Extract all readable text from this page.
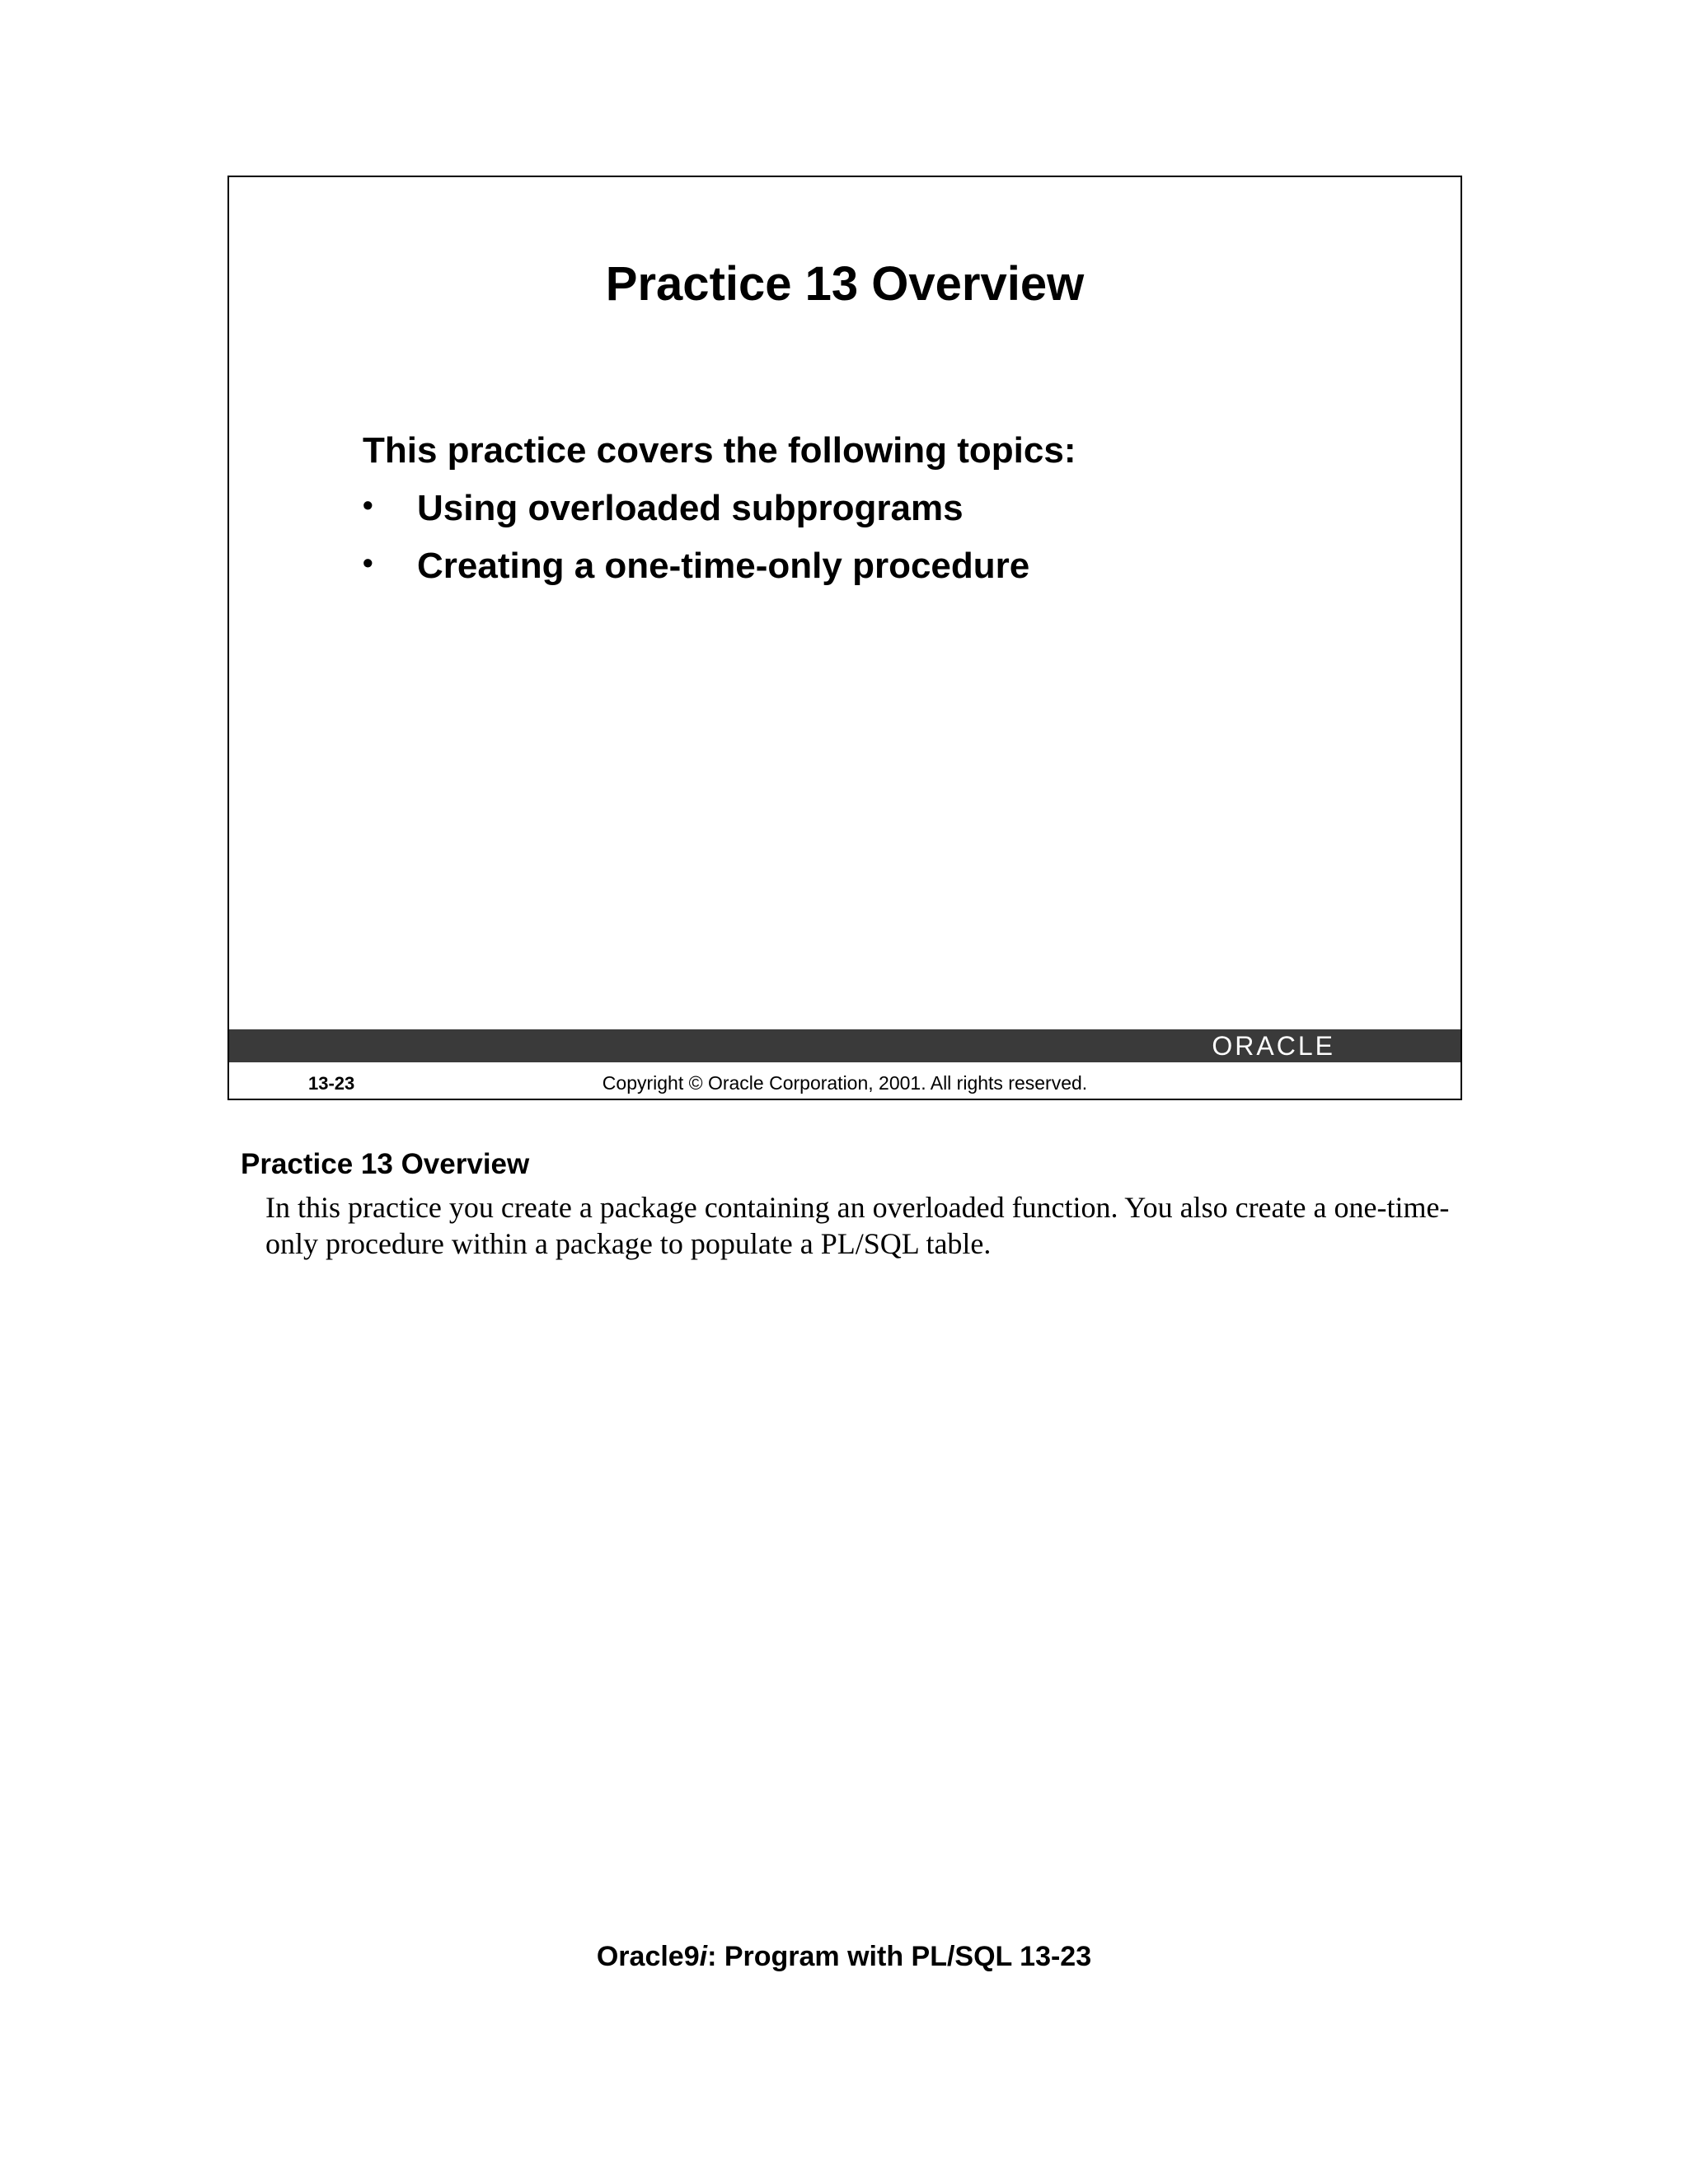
Practice 13 Overview

This practice covers the following topics:

• Using overloaded subprograms
• Creating a one-time-only procedure
ORACLE
13-23	Copyright © Oracle Corporation, 2001. All rights reserved.
Practice 13 Overview

In this practice you create a package containing an overloaded function. You also create a one-time-only procedure within a package to populate a PL/SQL table.

Oracle9i: Program with PL/SQL 13-23
